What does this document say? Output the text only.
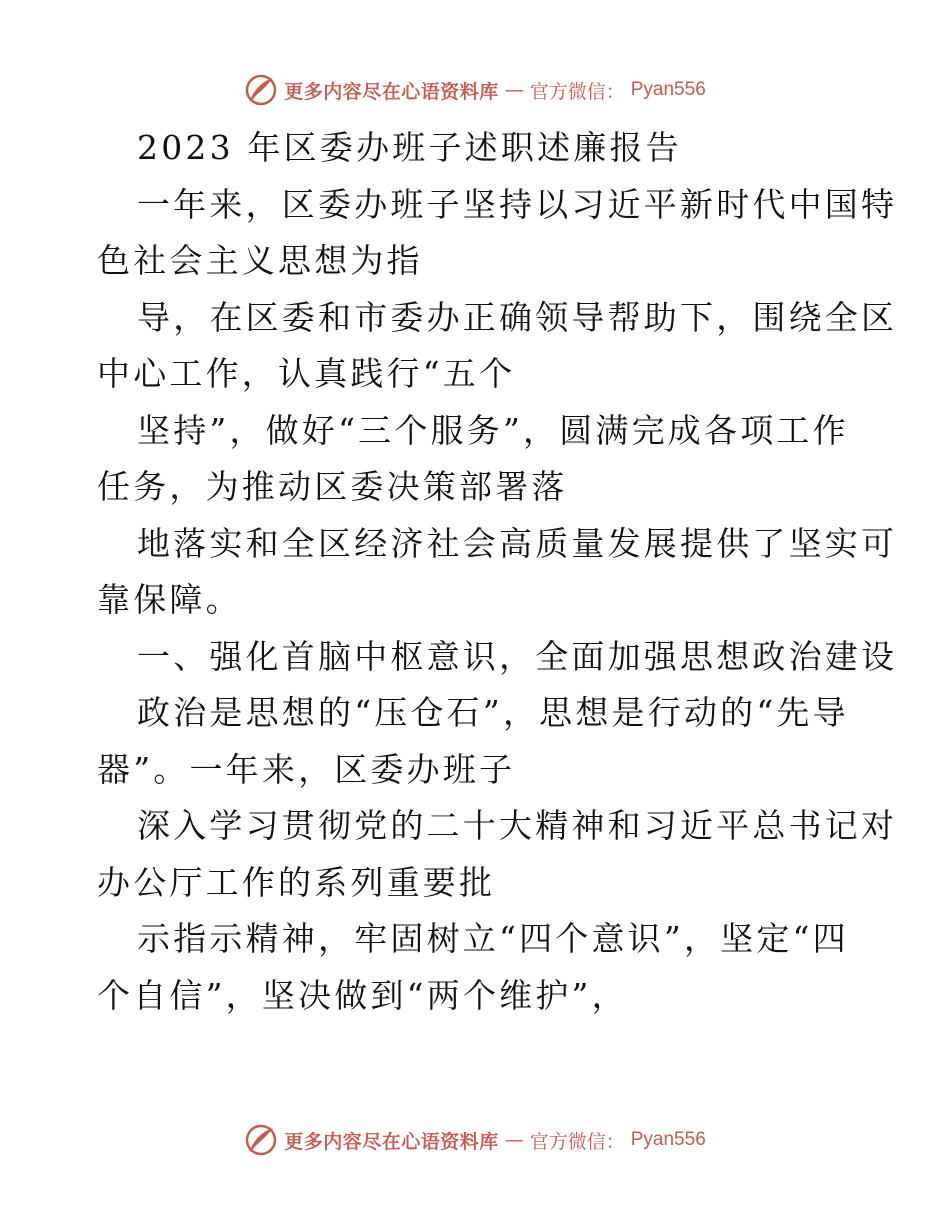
更多内容尽在心语资料库 — 官方微信： Pyan556
2023 年区委办班子述职述廉报告
一年来，区委办班子坚持以习近平新时代中国特
色社会主义思想为指
导，在区委和市委办正确领导帮助下，围绕全区
中心工作，认真践行“五个
坚持”，做好“三个服务”，圆满完成各项工作
任务，为推动区委决策部署落
地落实和全区经济社会高质量发展提供了坚实可
靠保障。
一、强化首脑中枢意识，全面加强思想政治建设
政治是思想的“压仓石”，思想是行动的“先导
器”。一年来，区委办班子
深入学习贯彻党的二十大精神和习近平总书记对
办公厅工作的系列重要批
示指示精神，牢固树立“四个意识”，坚定“四
个自信”，坚决做到“两个维护”，
更多内容尽在心语资料库 — 官方微信： Pyan556
